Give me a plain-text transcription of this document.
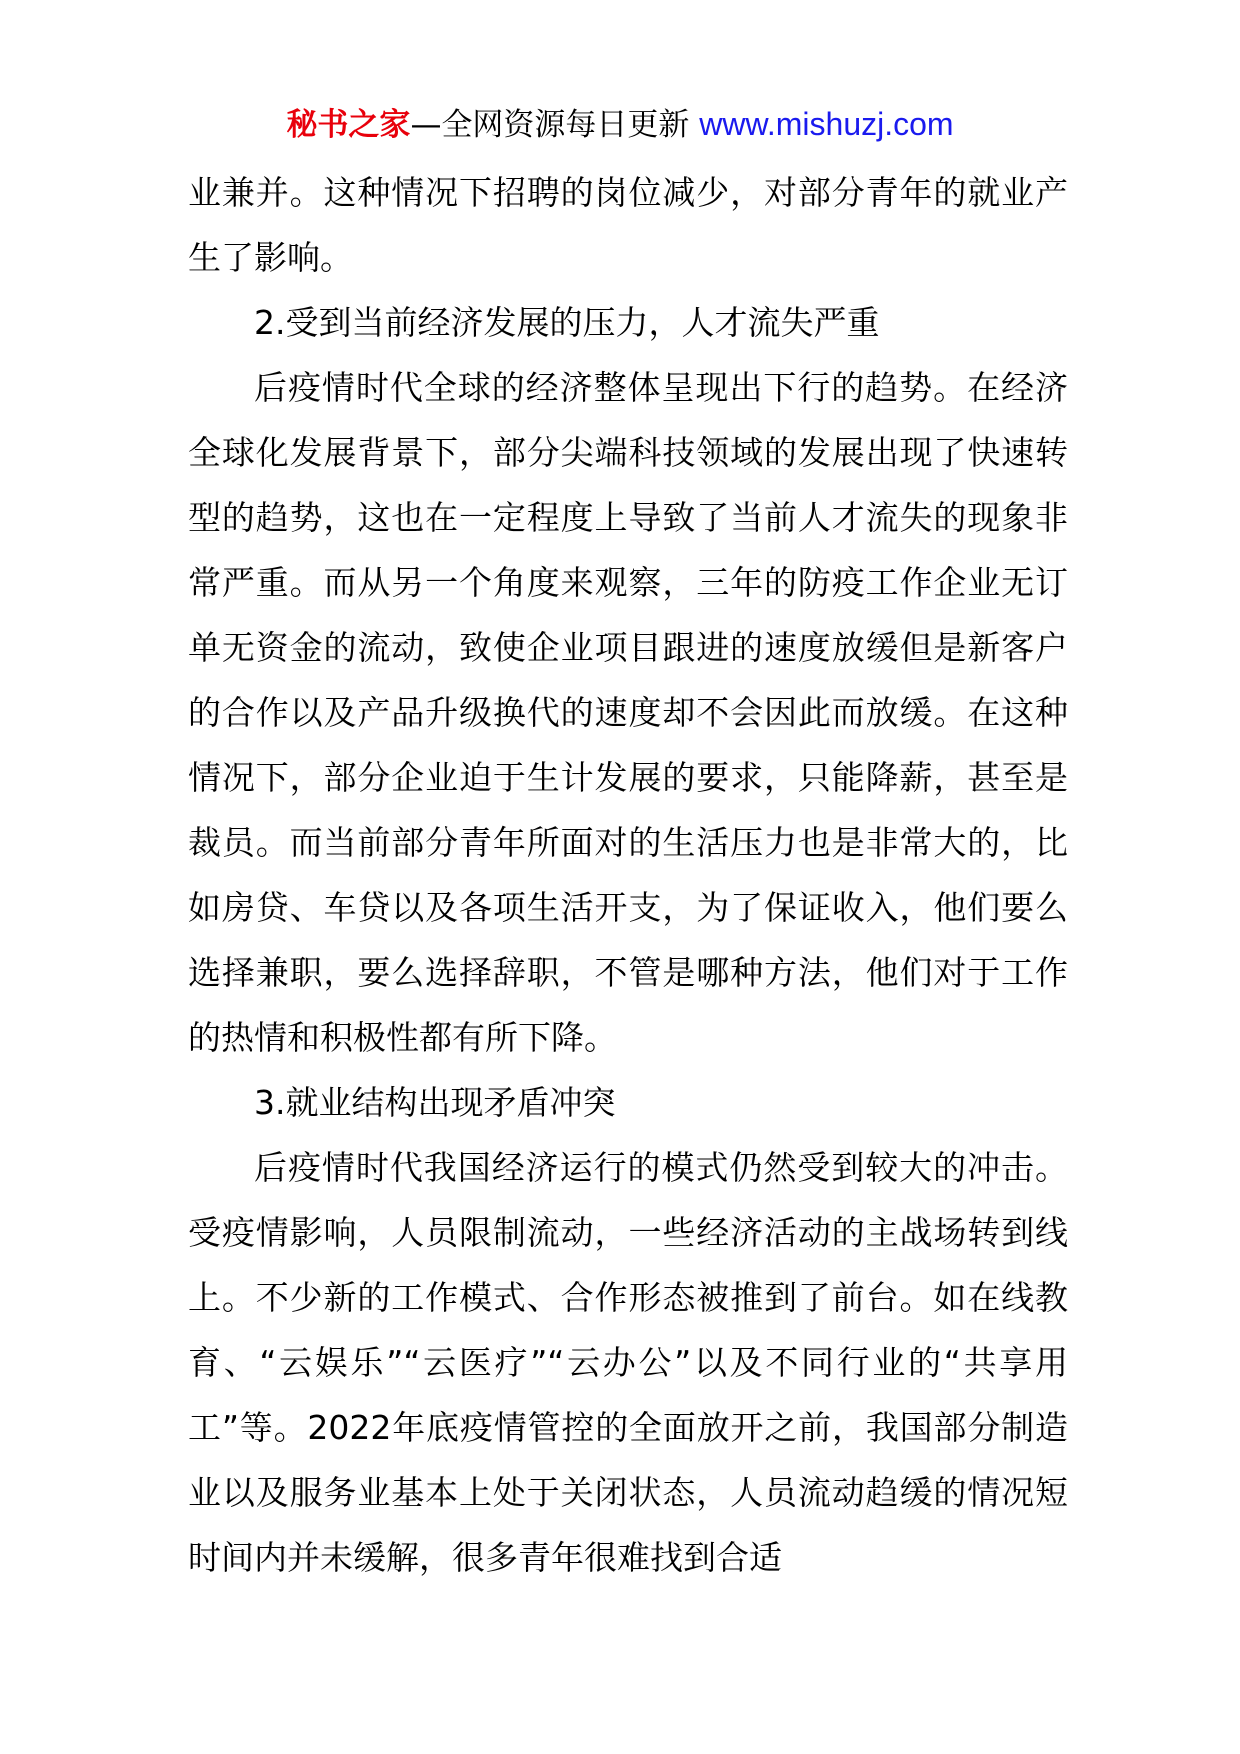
秘书之家—全网资源每日更新 www.mishuzj.com

业兼并。这种情况下招聘的岗位减少，对部分青年的就业产生了影响。

2.受到当前经济发展的压力，人才流失严重

后疫情时代全球的经济整体呈现出下行的趋势。在经济全球化发展背景下，部分尖端科技领域的发展出现了快速转型的趋势，这也在一定程度上导致了当前人才流失的现象非常严重。而从另一个角度来观察，三年的防疫工作企业无订单无资金的流动，致使企业项目跟进的速度放缓但是新客户的合作以及产品升级换代的速度却不会因此而放缓。在这种情况下，部分企业迫于生计发展的要求，只能降薪，甚至是裁员。而当前部分青年所面对的生活压力也是非常大的，比如房贷、车贷以及各项生活开支，为了保证收入，他们要么选择兼职，要么选择辞职，不管是哪种方法，他们对于工作的热情和积极性都有所下降。

3.就业结构出现矛盾冲突

后疫情时代我国经济运行的模式仍然受到较大的冲击。受疫情影响，人员限制流动，一些经济活动的主战场转到线上。不少新的工作模式、合作形态被推到了前台。如在线教育、“云娱乐”“云医疗”“云办公”以及不同行业的“共享用工”等。2022年底疫情管控的全面放开之前，我国部分制造业以及服务业基本上处于关闭状态，人员流动趋缓的情况短时间内并未缓解，很多青年很难找到合适
